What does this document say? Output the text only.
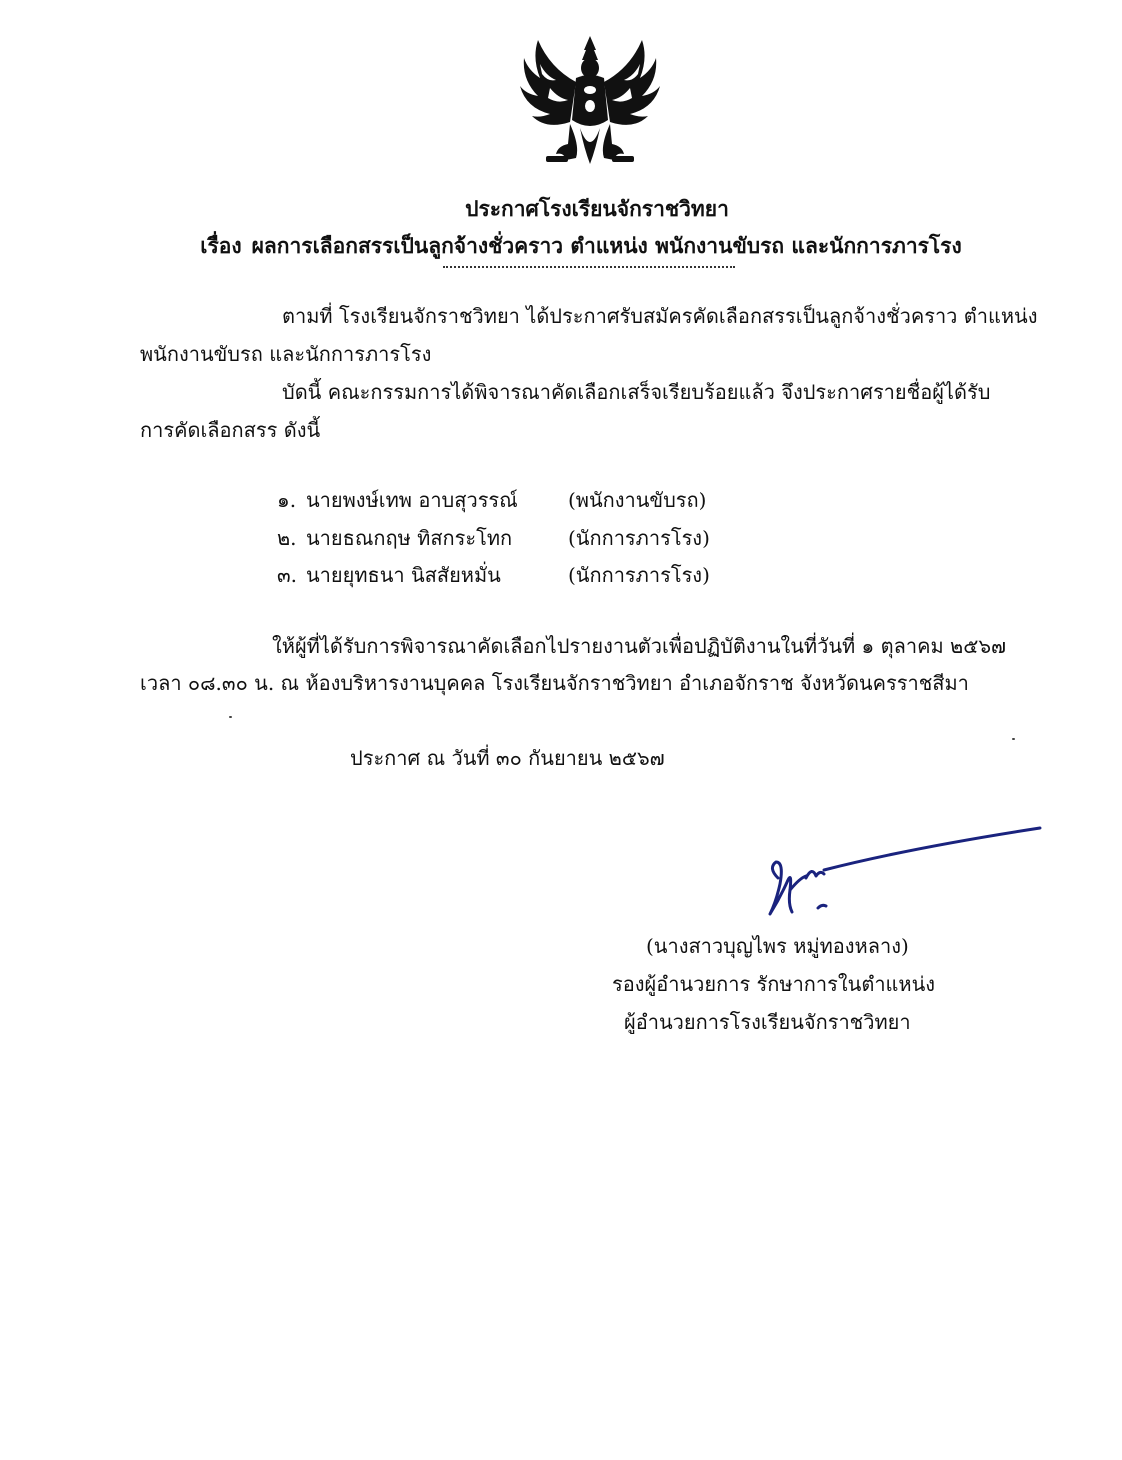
ประกาศโรงเรียนจักราชวิทยา
เรื่อง ผลการเลือกสรรเป็นลูกจ้างชั่วคราว ตำแหน่ง พนักงานขับรถ และนักการภารโรง
ตามที่ โรงเรียนจักราชวิทยา ได้ประกาศรับสมัครคัดเลือกสรรเป็นลูกจ้างชั่วคราว ตำแหน่ง
พนักงานขับรถ และนักการภารโรง
บัดนี้ คณะกรรมการได้พิจารณาคัดเลือกเสร็จเรียบร้อยแล้ว จึงประกาศรายชื่อผู้ได้รับ
การคัดเลือกสรร ดังนี้
๑. นายพงษ์เทพ อาบสุวรรณ์	(พนักงานขับรถ)
๒. นายธณกฤษ ทิสกระโทก	(นักการภารโรง)
๓. นายยุทธนา นิสสัยหมั่น	(นักการภารโรง)
ให้ผู้ที่ได้รับการพิจารณาคัดเลือกไปรายงานตัวเพื่อปฏิบัติงานในที่วันที่ ๑ ตุลาคม ๒๕๖๗
เวลา ๐๘.๓๐ น. ณ ห้องบริหารงานบุคคล โรงเรียนจักราชวิทยา อำเภอจักราช จังหวัดนครราชสีมา
ประกาศ ณ วันที่ ๓๐ กันยายน ๒๕๖๗
(นางสาวบุญไพร หมู่ทองหลาง)
รองผู้อำนวยการ รักษาการในตำแหน่ง
ผู้อำนวยการโรงเรียนจักราชวิทยา
